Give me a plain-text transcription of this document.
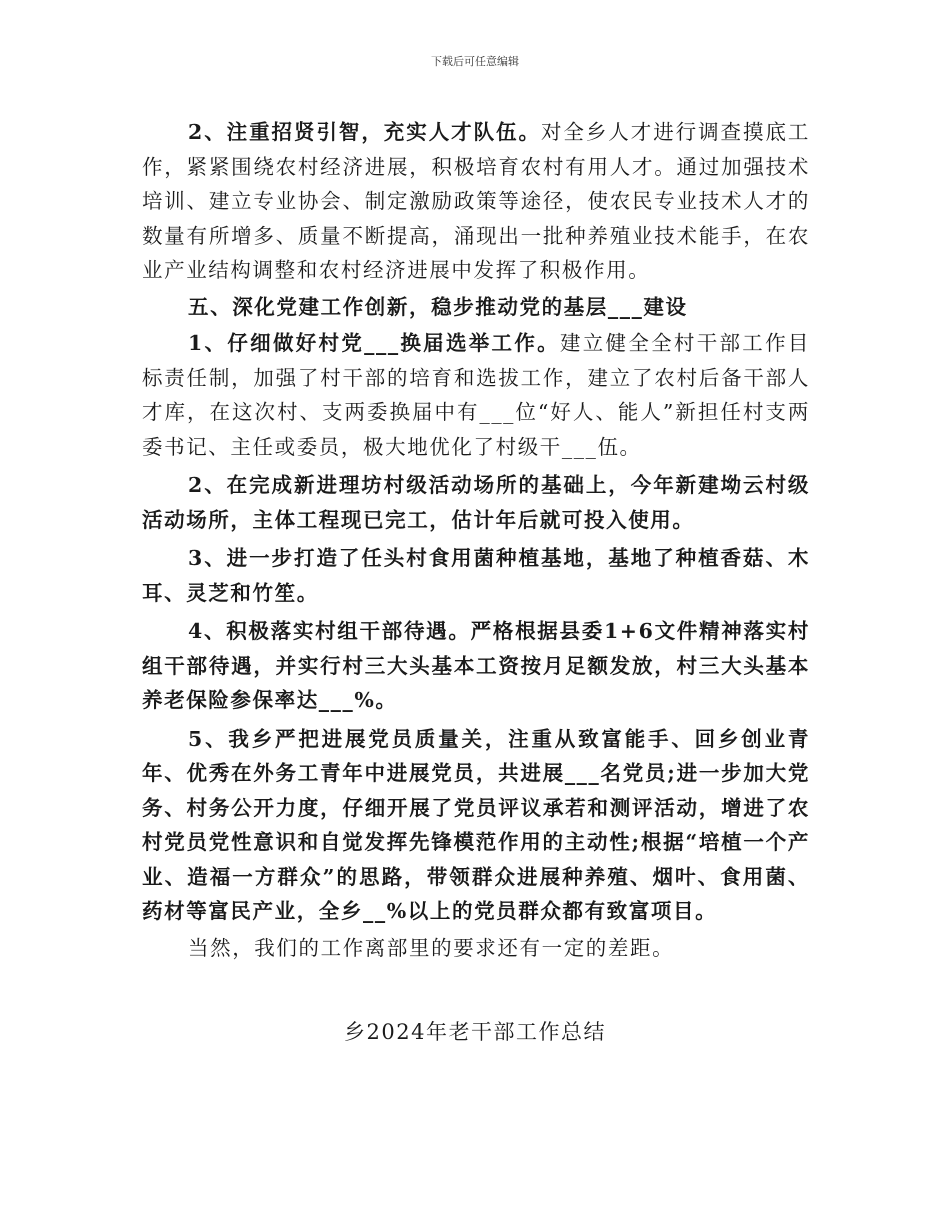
下载后可任意编辑

2、注重招贤引智，充实人才队伍。对全乡人才进行调查摸底工作，紧紧围绕农村经济进展，积极培育农村有用人才。通过加强技术培训、建立专业协会、制定激励政策等途径，使农民专业技术人才的数量有所增多、质量不断提高，涌现出一批种养殖业技术能手，在农业产业结构调整和农村经济进展中发挥了积极作用。

五、深化党建工作创新，稳步推动党的基层___建设

1、仔细做好村党___换届选举工作。建立健全全村干部工作目标责任制，加强了村干部的培育和选拔工作，建立了农村后备干部人才库，在这次村、支两委换届中有___位“好人、能人”新担任村支两委书记、主任或委员，极大地优化了村级干___伍。

2、在完成新进理坊村级活动场所的基础上，今年新建坳云村级活动场所，主体工程现已完工，估计年后就可投入使用。

3、进一步打造了任头村食用菌种植基地，基地了种植香菇、木耳、灵芝和竹笙。

4、积极落实村组干部待遇。严格根据县委1+6文件精神落实村组干部待遇，并实行村三大头基本工资按月足额发放，村三大头基本养老保险参保率达___%。

5、我乡严把进展党员质量关，注重从致富能手、回乡创业青年、优秀在外务工青年中进展党员，共进展___名党员;进一步加大党务、村务公开力度，仔细开展了党员评议承若和测评活动，增进了农村党员党性意识和自觉发挥先锋模范作用的主动性;根据“培植一个产业、造福一方群众”的思路，带领群众进展种养殖、烟叶、食用菌、药材等富民产业，全乡__%以上的党员群众都有致富项目。

当然，我们的工作离部里的要求还有一定的差距。

乡2024年老干部工作总结
